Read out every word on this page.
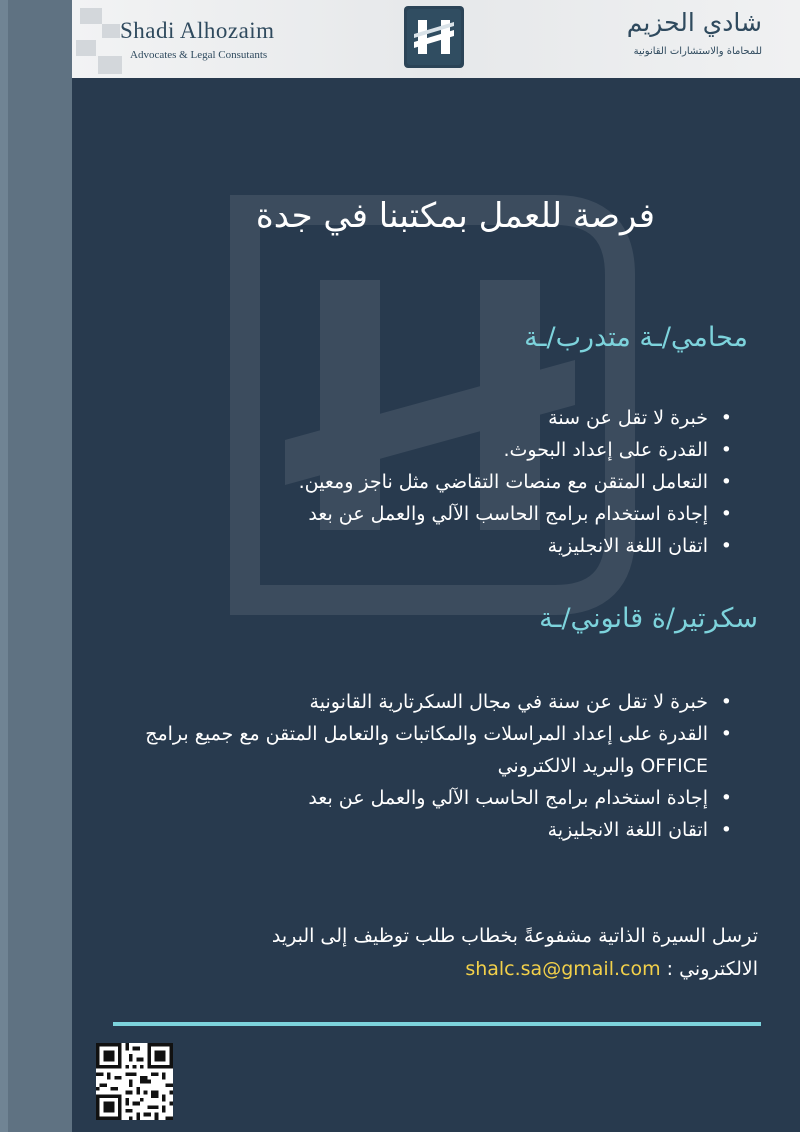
Shadi Alhozaim
Advocates & Legal Consutants
شادي الحزيم
للمحاماة والاستشارات القانونية
فرصة للعمل بمكتبنا في جدة
محامي/ـة متدرب/ـة
• خبرة لا تقل عن سنة
• القدرة على إعداد البحوث.
• التعامل المتقن مع منصات التقاضي مثل ناجز ومعين.
• إجادة استخدام برامج الحاسب الآلي والعمل عن بعد
• اتقان اللغة الانجليزية
سكرتير/ة قانوني/ـة
• خبرة لا تقل عن سنة في مجال السكرتارية القانونية
• القدرة على إعداد المراسلات والمكاتبات والتعامل المتقن مع جميع برامج OFFICE والبريد الالكتروني
• إجادة استخدام برامج الحاسب الآلي والعمل عن بعد
• اتقان اللغة الانجليزية
ترسل السيرة الذاتية مشفوعةً بخطاب طلب توظيف إلى البريد
الالكتروني : shalc.sa@gmail.com
